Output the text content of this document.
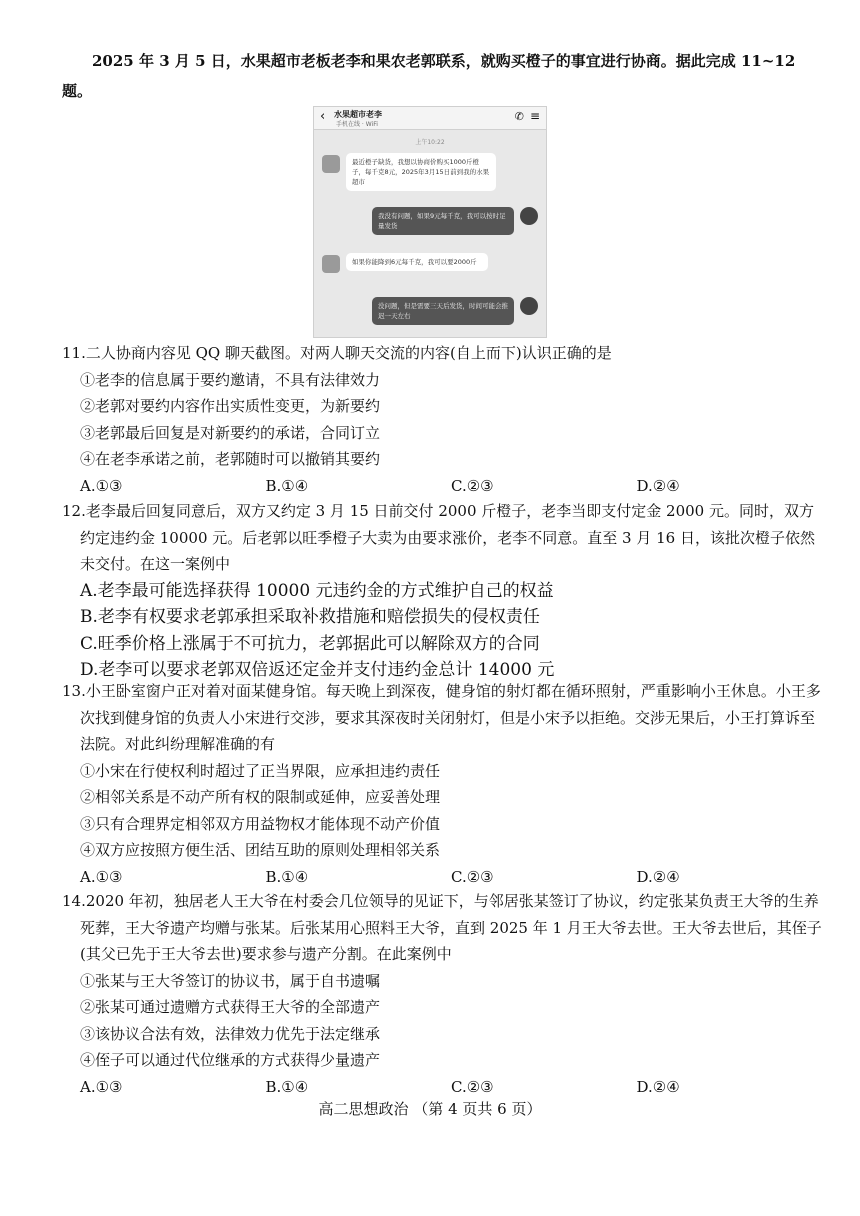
2025 年 3 月 5 日，水果超市老板老李和果农老郭联系，就购买橙子的事宜进行协商。据此完成 11~12 题。
‹ 水果超市老李
手机在线 · WiFi
✆ ≡
上午10:22
最近橙子缺货，我想以协商价购买1000斤橙子，每千克8元，2025年3月15日前到我的水果超市
我没有问题，如果9元每千克，我可以按时足量发货
如果你能降到6元每千克，我可以要2000斤
没问题，但是需要三天后发货，时间可能会推迟一天左右
11.二人协商内容见 QQ 聊天截图。对两人聊天交流的内容(自上而下)认识正确的是
①老李的信息属于要约邀请，不具有法律效力
②老郭对要约内容作出实质性变更，为新要约
③老郭最后回复是对新要约的承诺，合同订立
④在老李承诺之前，老郭随时可以撤销其要约
A.①③	B.①④	C.②③	D.②④
12.老李最后回复同意后，双方又约定 3 月 15 日前交付 2000 斤橙子，老李当即支付定金 2000 元。同时，双方约定违约金 10000 元。后老郭以旺季橙子大卖为由要求涨价，老李不同意。直至 3 月 16 日，该批次橙子依然未交付。在这一案例中
A.老李最可能选择获得 10000 元违约金的方式维护自己的权益
B.老李有权要求老郭承担采取补救措施和赔偿损失的侵权责任
C.旺季价格上涨属于不可抗力，老郭据此可以解除双方的合同
D.老李可以要求老郭双倍返还定金并支付违约金总计 14000 元
13.小王卧室窗户正对着对面某健身馆。每天晚上到深夜，健身馆的射灯都在循环照射，严重影响小王休息。小王多次找到健身馆的负责人小宋进行交涉，要求其深夜时关闭射灯，但是小宋予以拒绝。交涉无果后，小王打算诉至法院。对此纠纷理解准确的有
①小宋在行使权利时超过了正当界限，应承担违约责任
②相邻关系是不动产所有权的限制或延伸，应妥善处理
③只有合理界定相邻双方用益物权才能体现不动产价值
④双方应按照方便生活、团结互助的原则处理相邻关系
A.①③	B.①④	C.②③	D.②④
14.2020 年初，独居老人王大爷在村委会几位领导的见证下，与邻居张某签订了协议，约定张某负责王大爷的生养死葬，王大爷遗产均赠与张某。后张某用心照料王大爷，直到 2025 年 1 月王大爷去世。王大爷去世后，其侄子(其父已先于王大爷去世)要求参与遗产分割。在此案例中
①张某与王大爷签订的协议书，属于自书遗嘱
②张某可通过遗赠方式获得王大爷的全部遗产
③该协议合法有效，法律效力优先于法定继承
④侄子可以通过代位继承的方式获得少量遗产
A.①③	B.①④	C.②③	D.②④
高二思想政治 （第 4 页共 6 页）
